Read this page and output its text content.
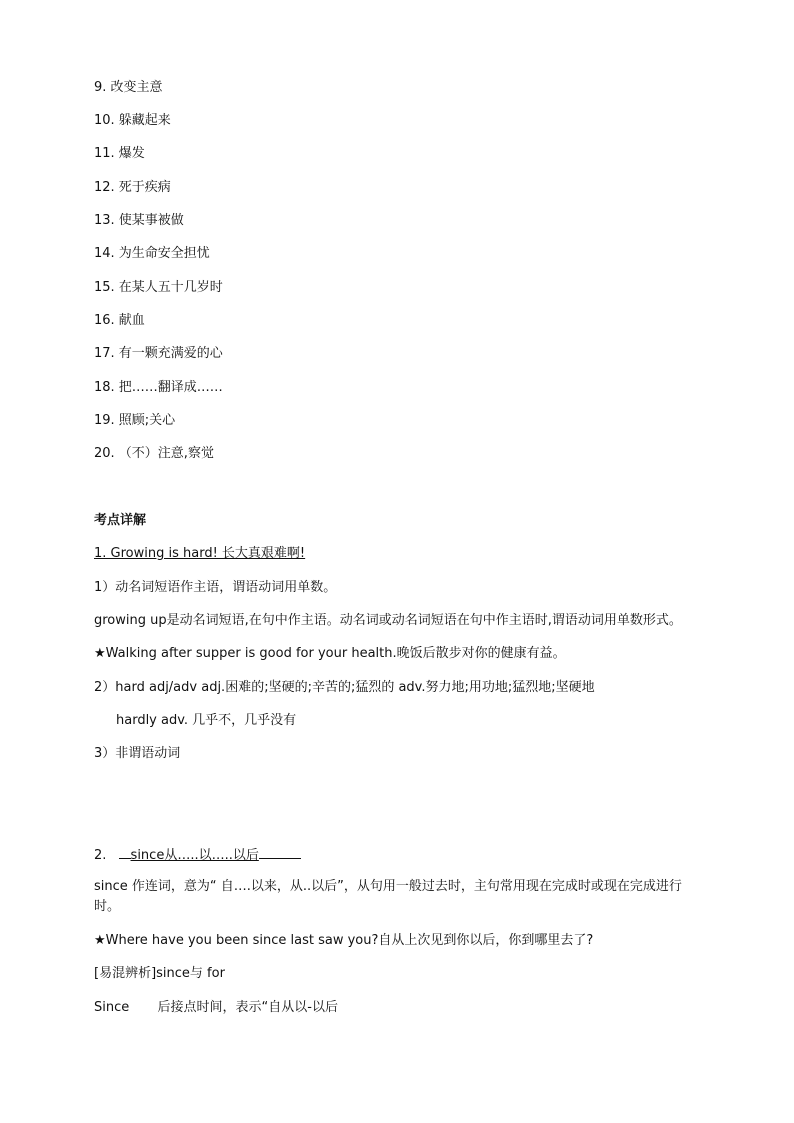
9. 改变主意
10. 躲藏起来
11. 爆发
12. 死于疾病
13. 使某事被做
14. 为生命安全担忧
15. 在某人五十几岁时
16. 献血
17. 有一颗充满爱的心
18. 把……翻译成……
19. 照顾;关心
20. （不）注意,察觉
考点详解
1. Growing is hard! 长大真艰难啊!
1）动名词短语作主语，谓语动词用单数。
growing up是动名词短语,在句中作主语。动名词或动名词短语在句中作主语时,谓语动词用单数形式。
★Walking after supper is good for your health.晚饭后散步对你的健康有益。
2）hard adj/adv adj.困难的;坚硬的;辛苦的;猛烈的 adv.努力地;用功地;猛烈地;坚硬地
hardly adv. 几乎不，几乎没有
3）非谓语动词
2. since从…..以…..以后
since 作连词，意为“ 自….以来，从..以后”，从句用一般过去时，主句常用现在完成时或现在完成进行时。
★Where have you been since last saw you?自从上次见到你以后，你到哪里去了?
[易混辨析]since与 for
Since 后接点时间，表示“自从以-以后
